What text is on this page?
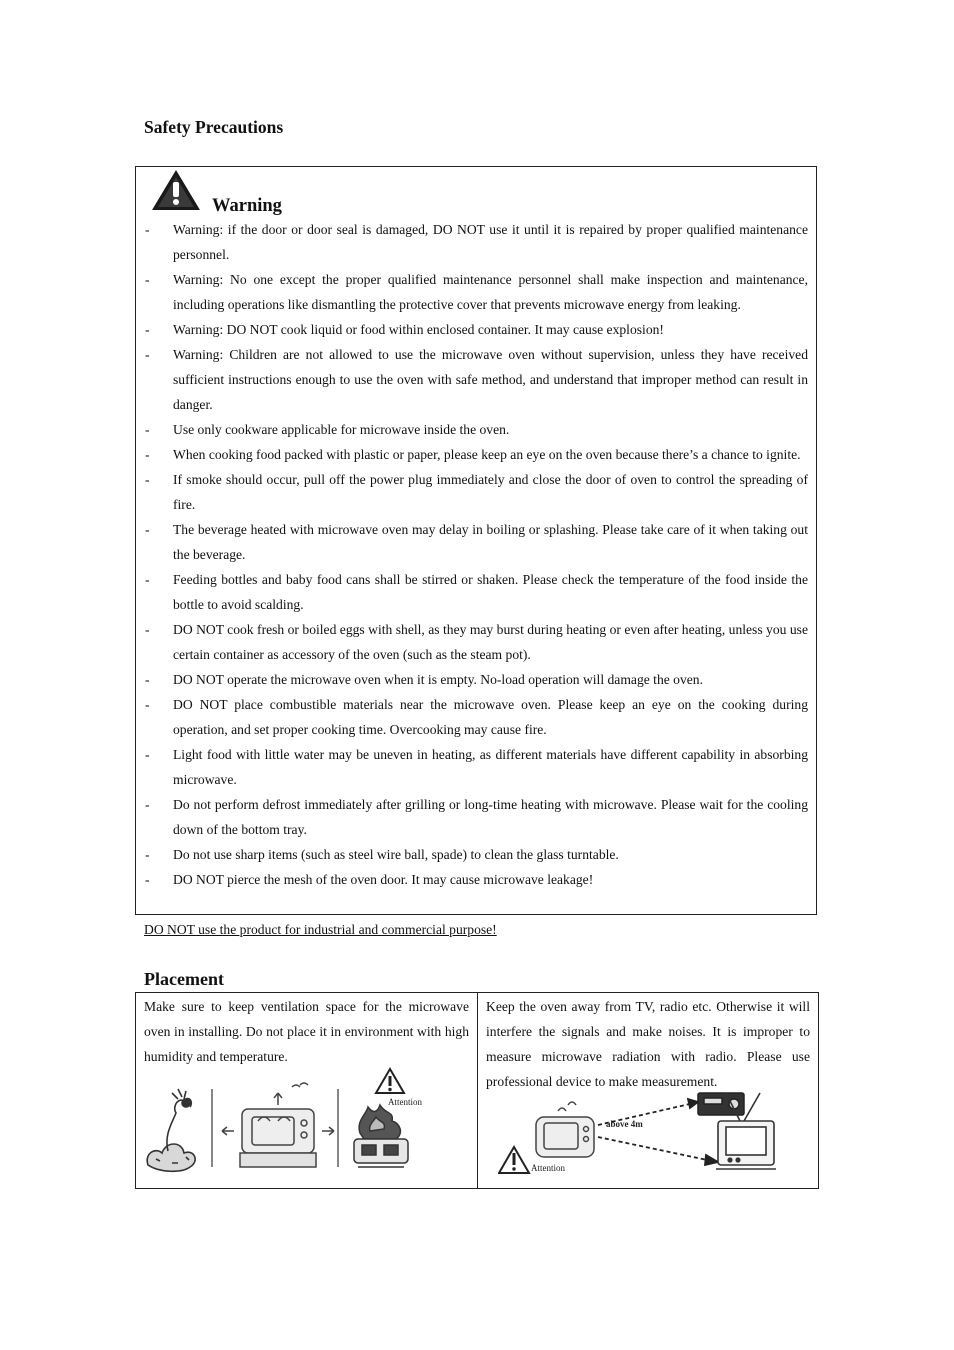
Safety Precautions
Warning
- Warning: if the door or door seal is damaged, DO NOT use it until it is repaired by proper qualified maintenance personnel.
- Warning: No one except the proper qualified maintenance personnel shall make inspection and maintenance, including operations like dismantling the protective cover that prevents microwave energy from leaking.
- Warning: DO NOT cook liquid or food within enclosed container. It may cause explosion!
- Warning: Children are not allowed to use the microwave oven without supervision, unless they have received sufficient instructions enough to use the oven with safe method, and understand that improper method can result in danger.
- Use only cookware applicable for microwave inside the oven.
- When cooking food packed with plastic or paper, please keep an eye on the oven because there’s a chance to ignite.
- If smoke should occur, pull off the power plug immediately and close the door of oven to control the spreading of fire.
- The beverage heated with microwave oven may delay in boiling or splashing. Please take care of it when taking out the beverage.
- Feeding bottles and baby food cans shall be stirred or shaken. Please check the temperature of the food inside the bottle to avoid scalding.
- DO NOT cook fresh or boiled eggs with shell, as they may burst during heating or even after heating, unless you use certain container as accessory of the oven (such as the steam pot).
- DO NOT operate the microwave oven when it is empty. No-load operation will damage the oven.
- DO NOT place combustible materials near the microwave oven. Please keep an eye on the cooking during operation, and set proper cooking time. Overcooking may cause fire.
- Light food with little water may be uneven in heating, as different materials have different capability in absorbing microwave.
- Do not perform defrost immediately after grilling or long-time heating with microwave. Please wait for the cooling down of the bottom tray.
- Do not use sharp items (such as steel wire ball, spade) to clean the glass turntable.
- DO NOT pierce the mesh of the oven door. It may cause microwave leakage!
DO NOT use the product for industrial and commercial purpose!
Placement

Make sure to keep ventilation space for the microwave oven in installing. Do not place it in environment with high humidity and temperature.

Attention

Keep the oven away from TV, radio etc. Otherwise it will interfere the signals and make noises. It is improper to measure microwave radiation with radio. Please use professional device to make measurement.

above 4m
Attention
